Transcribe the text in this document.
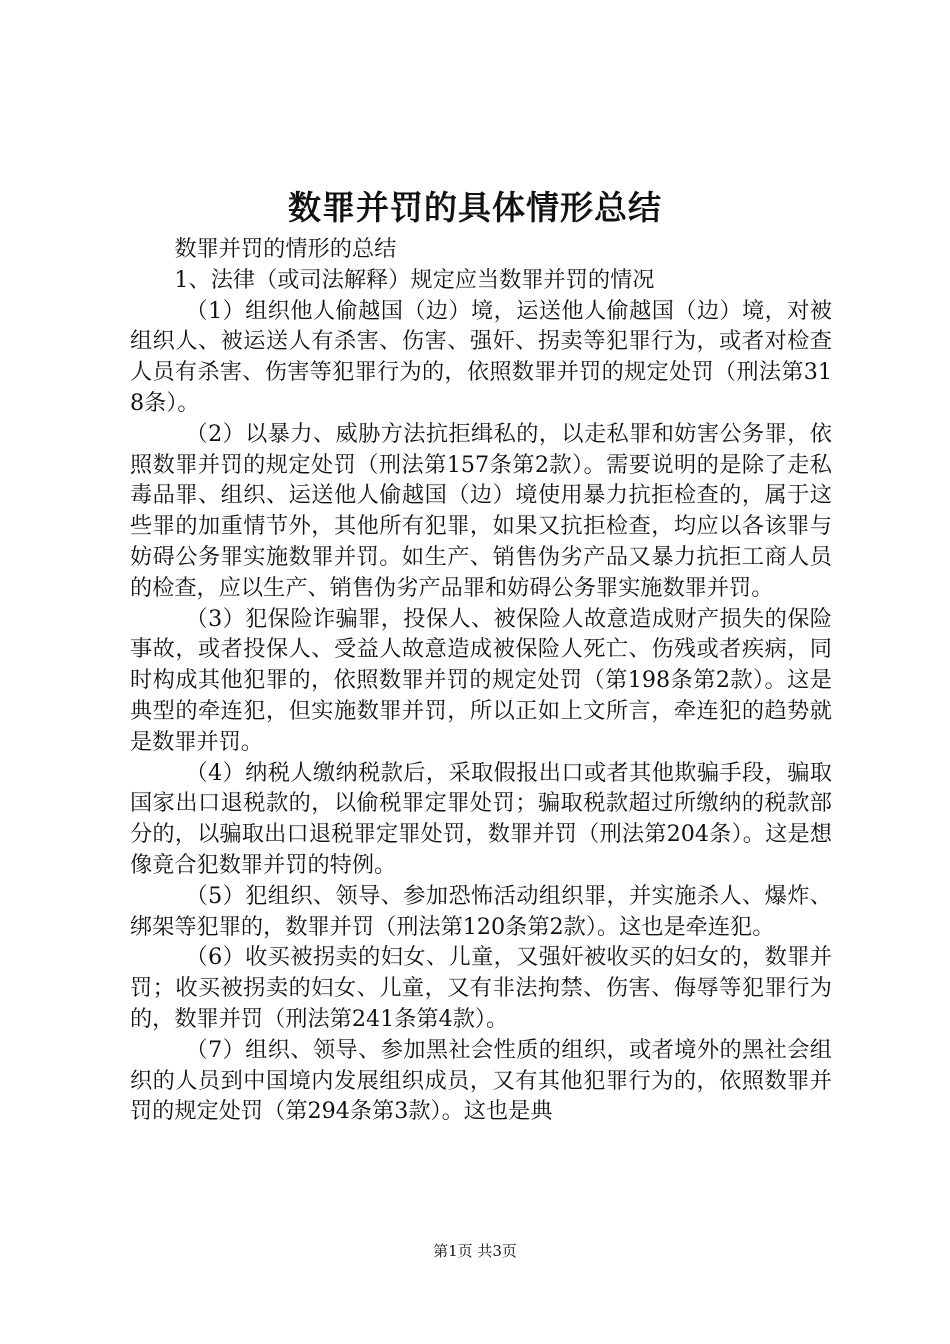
数罪并罚的具体情形总结

数罪并罚的情形的总结

1、法律（或司法解释）规定应当数罪并罚的情况

（1）组织他人偷越国（边）境，运送他人偷越国（边）境，对被组织人、被运送人有杀害、伤害、强奸、拐卖等犯罪行为，或者对检查人员有杀害、伤害等犯罪行为的，依照数罪并罚的规定处罚（刑法第318条）。

（2）以暴力、威胁方法抗拒缉私的，以走私罪和妨害公务罪，依照数罪并罚的规定处罚（刑法第157条第2款）。需要说明的是除了走私毒品罪、组织、运送他人偷越国（边）境使用暴力抗拒检查的，属于这些罪的加重情节外，其他所有犯罪，如果又抗拒检查，均应以各该罪与妨碍公务罪实施数罪并罚。如生产、销售伪劣产品又暴力抗拒工商人员的检查，应以生产、销售伪劣产品罪和妨碍公务罪实施数罪并罚。

（3）犯保险诈骗罪，投保人、被保险人故意造成财产损失的保险事故，或者投保人、受益人故意造成被保险人死亡、伤残或者疾病，同时构成其他犯罪的，依照数罪并罚的规定处罚（第198条第2款）。这是典型的牵连犯，但实施数罪并罚，所以正如上文所言，牵连犯的趋势就是数罪并罚。

（4）纳税人缴纳税款后，采取假报出口或者其他欺骗手段，骗取国家出口退税款的，以偷税罪定罪处罚；骗取税款超过所缴纳的税款部分的，以骗取出口退税罪定罪处罚，数罪并罚（刑法第204条）。这是想像竟合犯数罪并罚的特例。

（5）犯组织、领导、参加恐怖活动组织罪，并实施杀人、爆炸、绑架等犯罪的，数罪并罚（刑法第120条第2款）。这也是牵连犯。

（6）收买被拐卖的妇女、儿童，又强奸被收买的妇女的，数罪并罚；收买被拐卖的妇女、儿童，又有非法拘禁、伤害、侮辱等犯罪行为的，数罪并罚（刑法第241条第4款）。

（7）组织、领导、参加黑社会性质的组织，或者境外的黑社会组织的人员到中国境内发展组织成员，又有其他犯罪行为的，依照数罪并罚的规定处罚（第294条第3款）。这也是典

第1页 共3页
